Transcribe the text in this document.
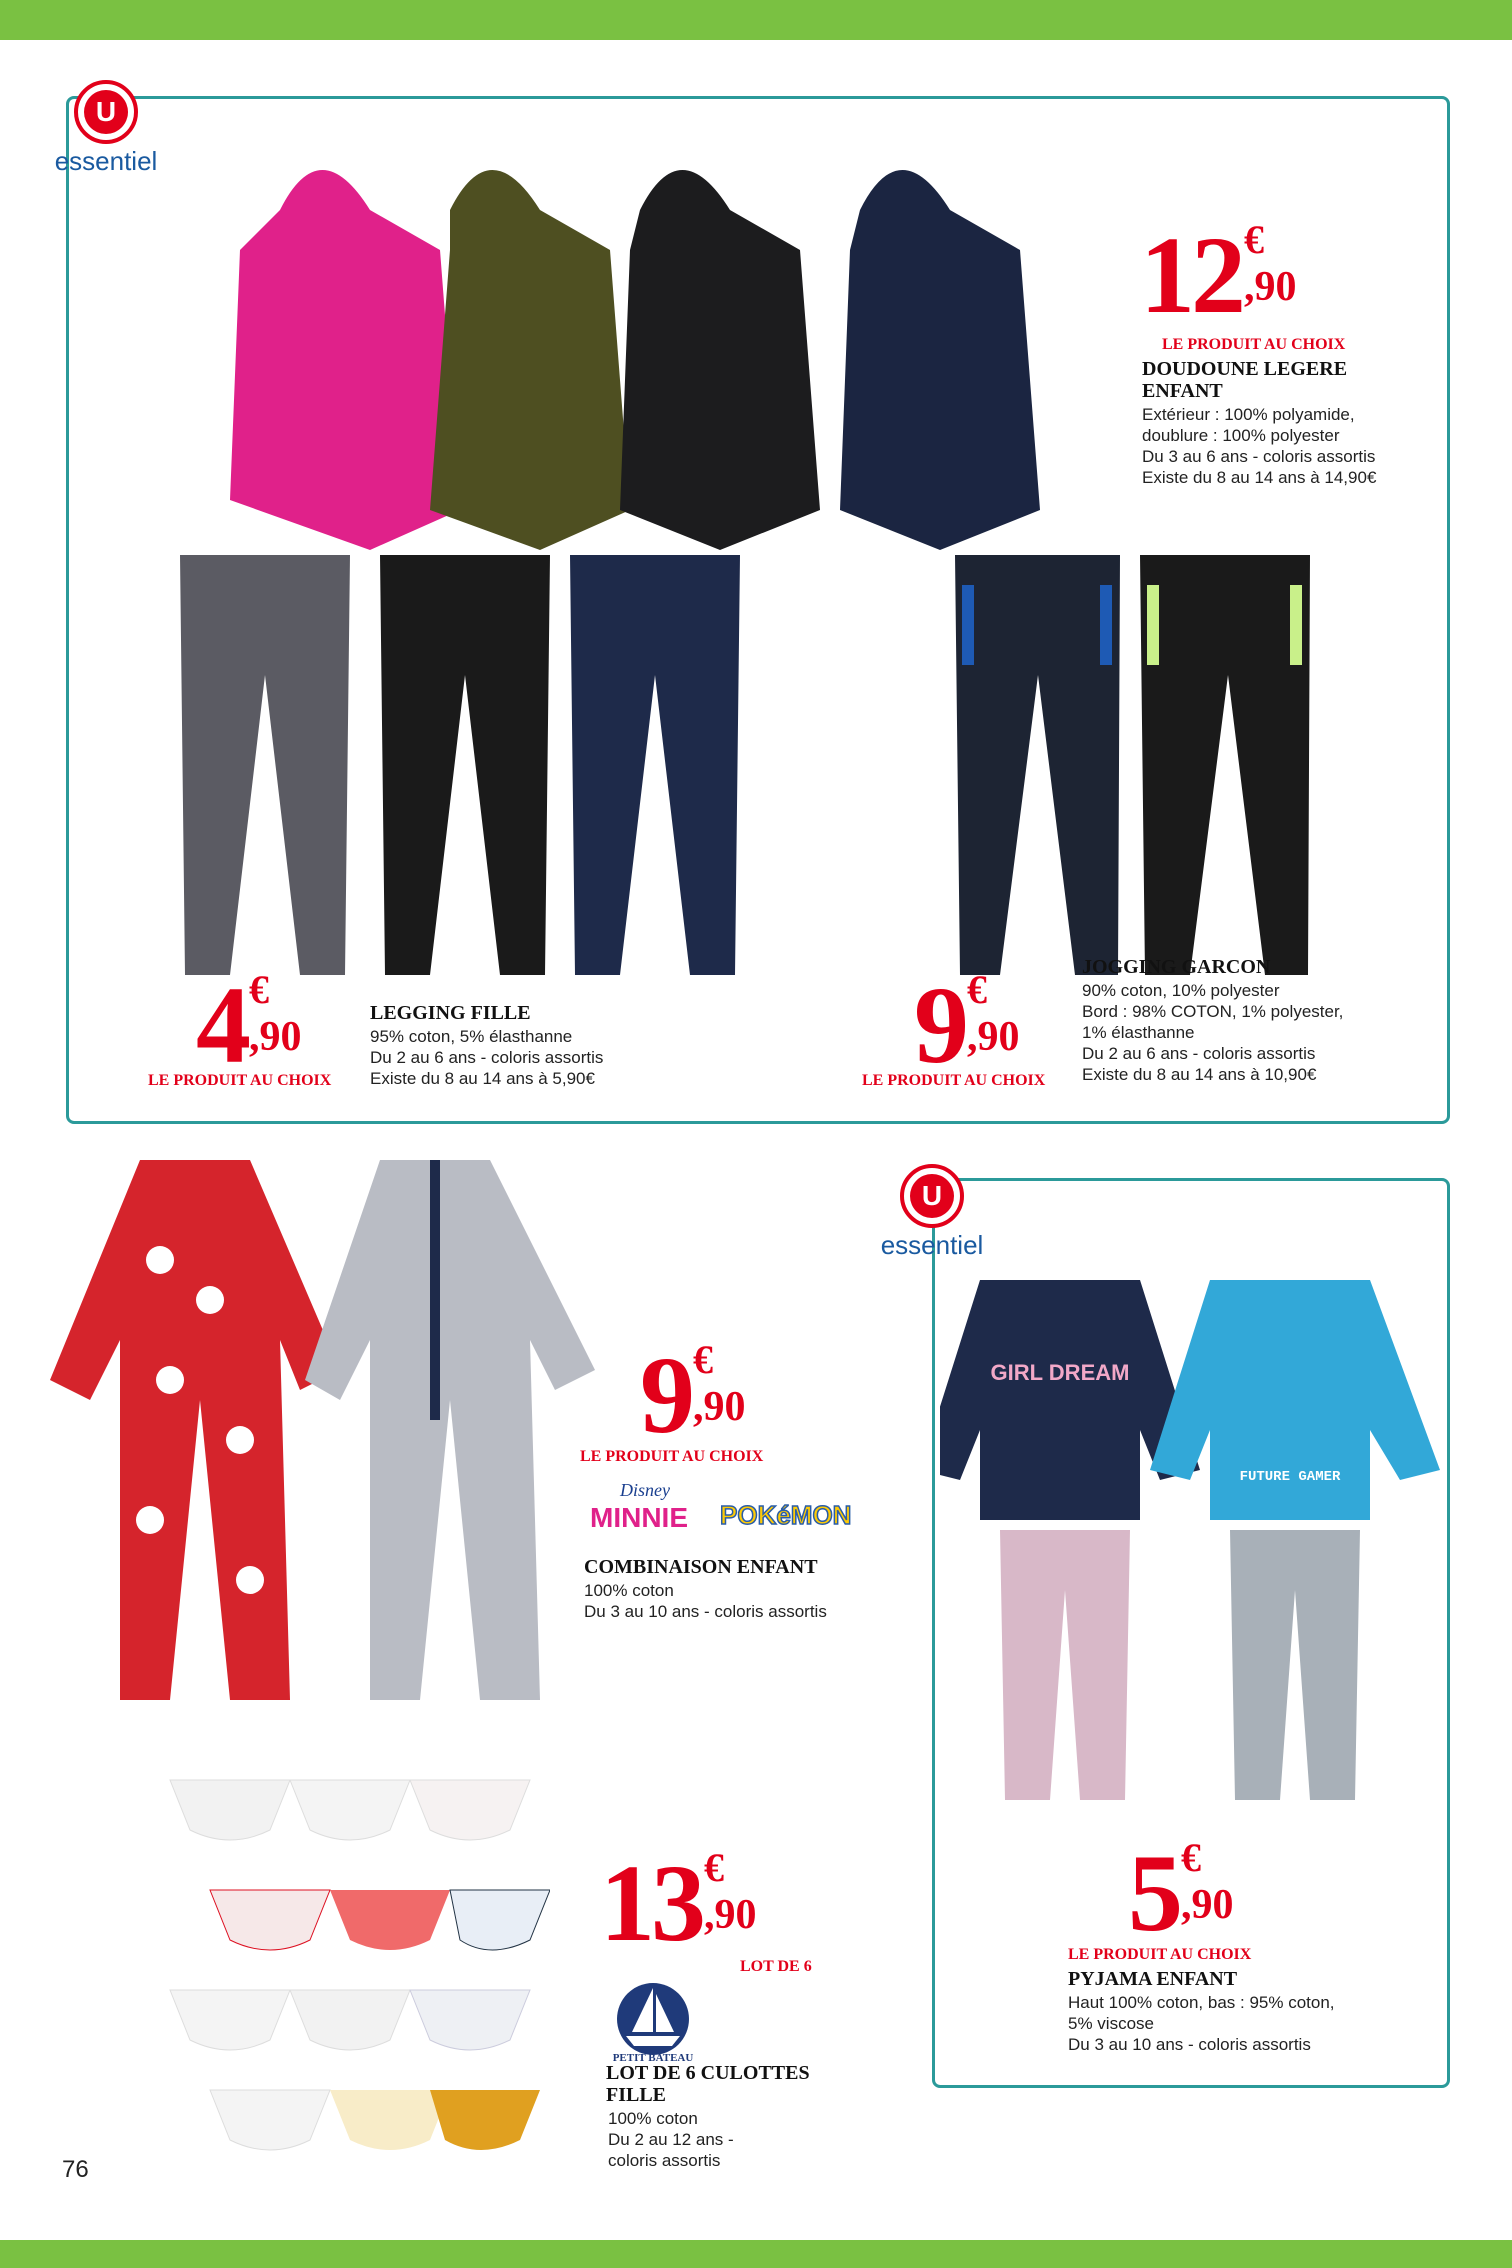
U
essentiel
12 €
,90
LE PRODUIT AU CHOIX
DOUDOUNE LEGERE
ENFANT
Extérieur : 100% polyamide,
doublure : 100% polyester
Du 3 au 6 ans - coloris assortis
Existe du 8 au 14 ans à 14,90€
4 €
,90
LE PRODUIT AU CHOIX
LEGGING FILLE
95% coton, 5% élasthanne
Du 2 au 6 ans - coloris assortis
Existe du 8 au 14 ans à 5,90€	9 €
,90
LE PRODUIT AU CHOIX
JOGGING GARCON
90% coton, 10% polyester
Bord : 98% COTON, 1% polyester,
1% élasthanne
Du 2 au 6 ans - coloris assortis
Existe du 8 au 14 ans à 10,90€
9 €
,90
LE PRODUIT AU CHOIX
Disney
MINNIE POKéMON
COMBINAISON ENFANT
100% coton
Du 3 au 10 ans - coloris assortis
U
essentiel
GIRL DREAM
FUTURE GAMER
5 €
,90
LE PRODUIT AU CHOIX
PYJAMA ENFANT
Haut 100% coton, bas : 95% coton,
5% viscose
Du 3 au 10 ans - coloris assortis
13 €
,90
LOT DE 6
PETIT BATEAU
LOT DE 6 CULOTTES
FILLE
100% coton
Du 2 au 12 ans -
coloris assortis
76
